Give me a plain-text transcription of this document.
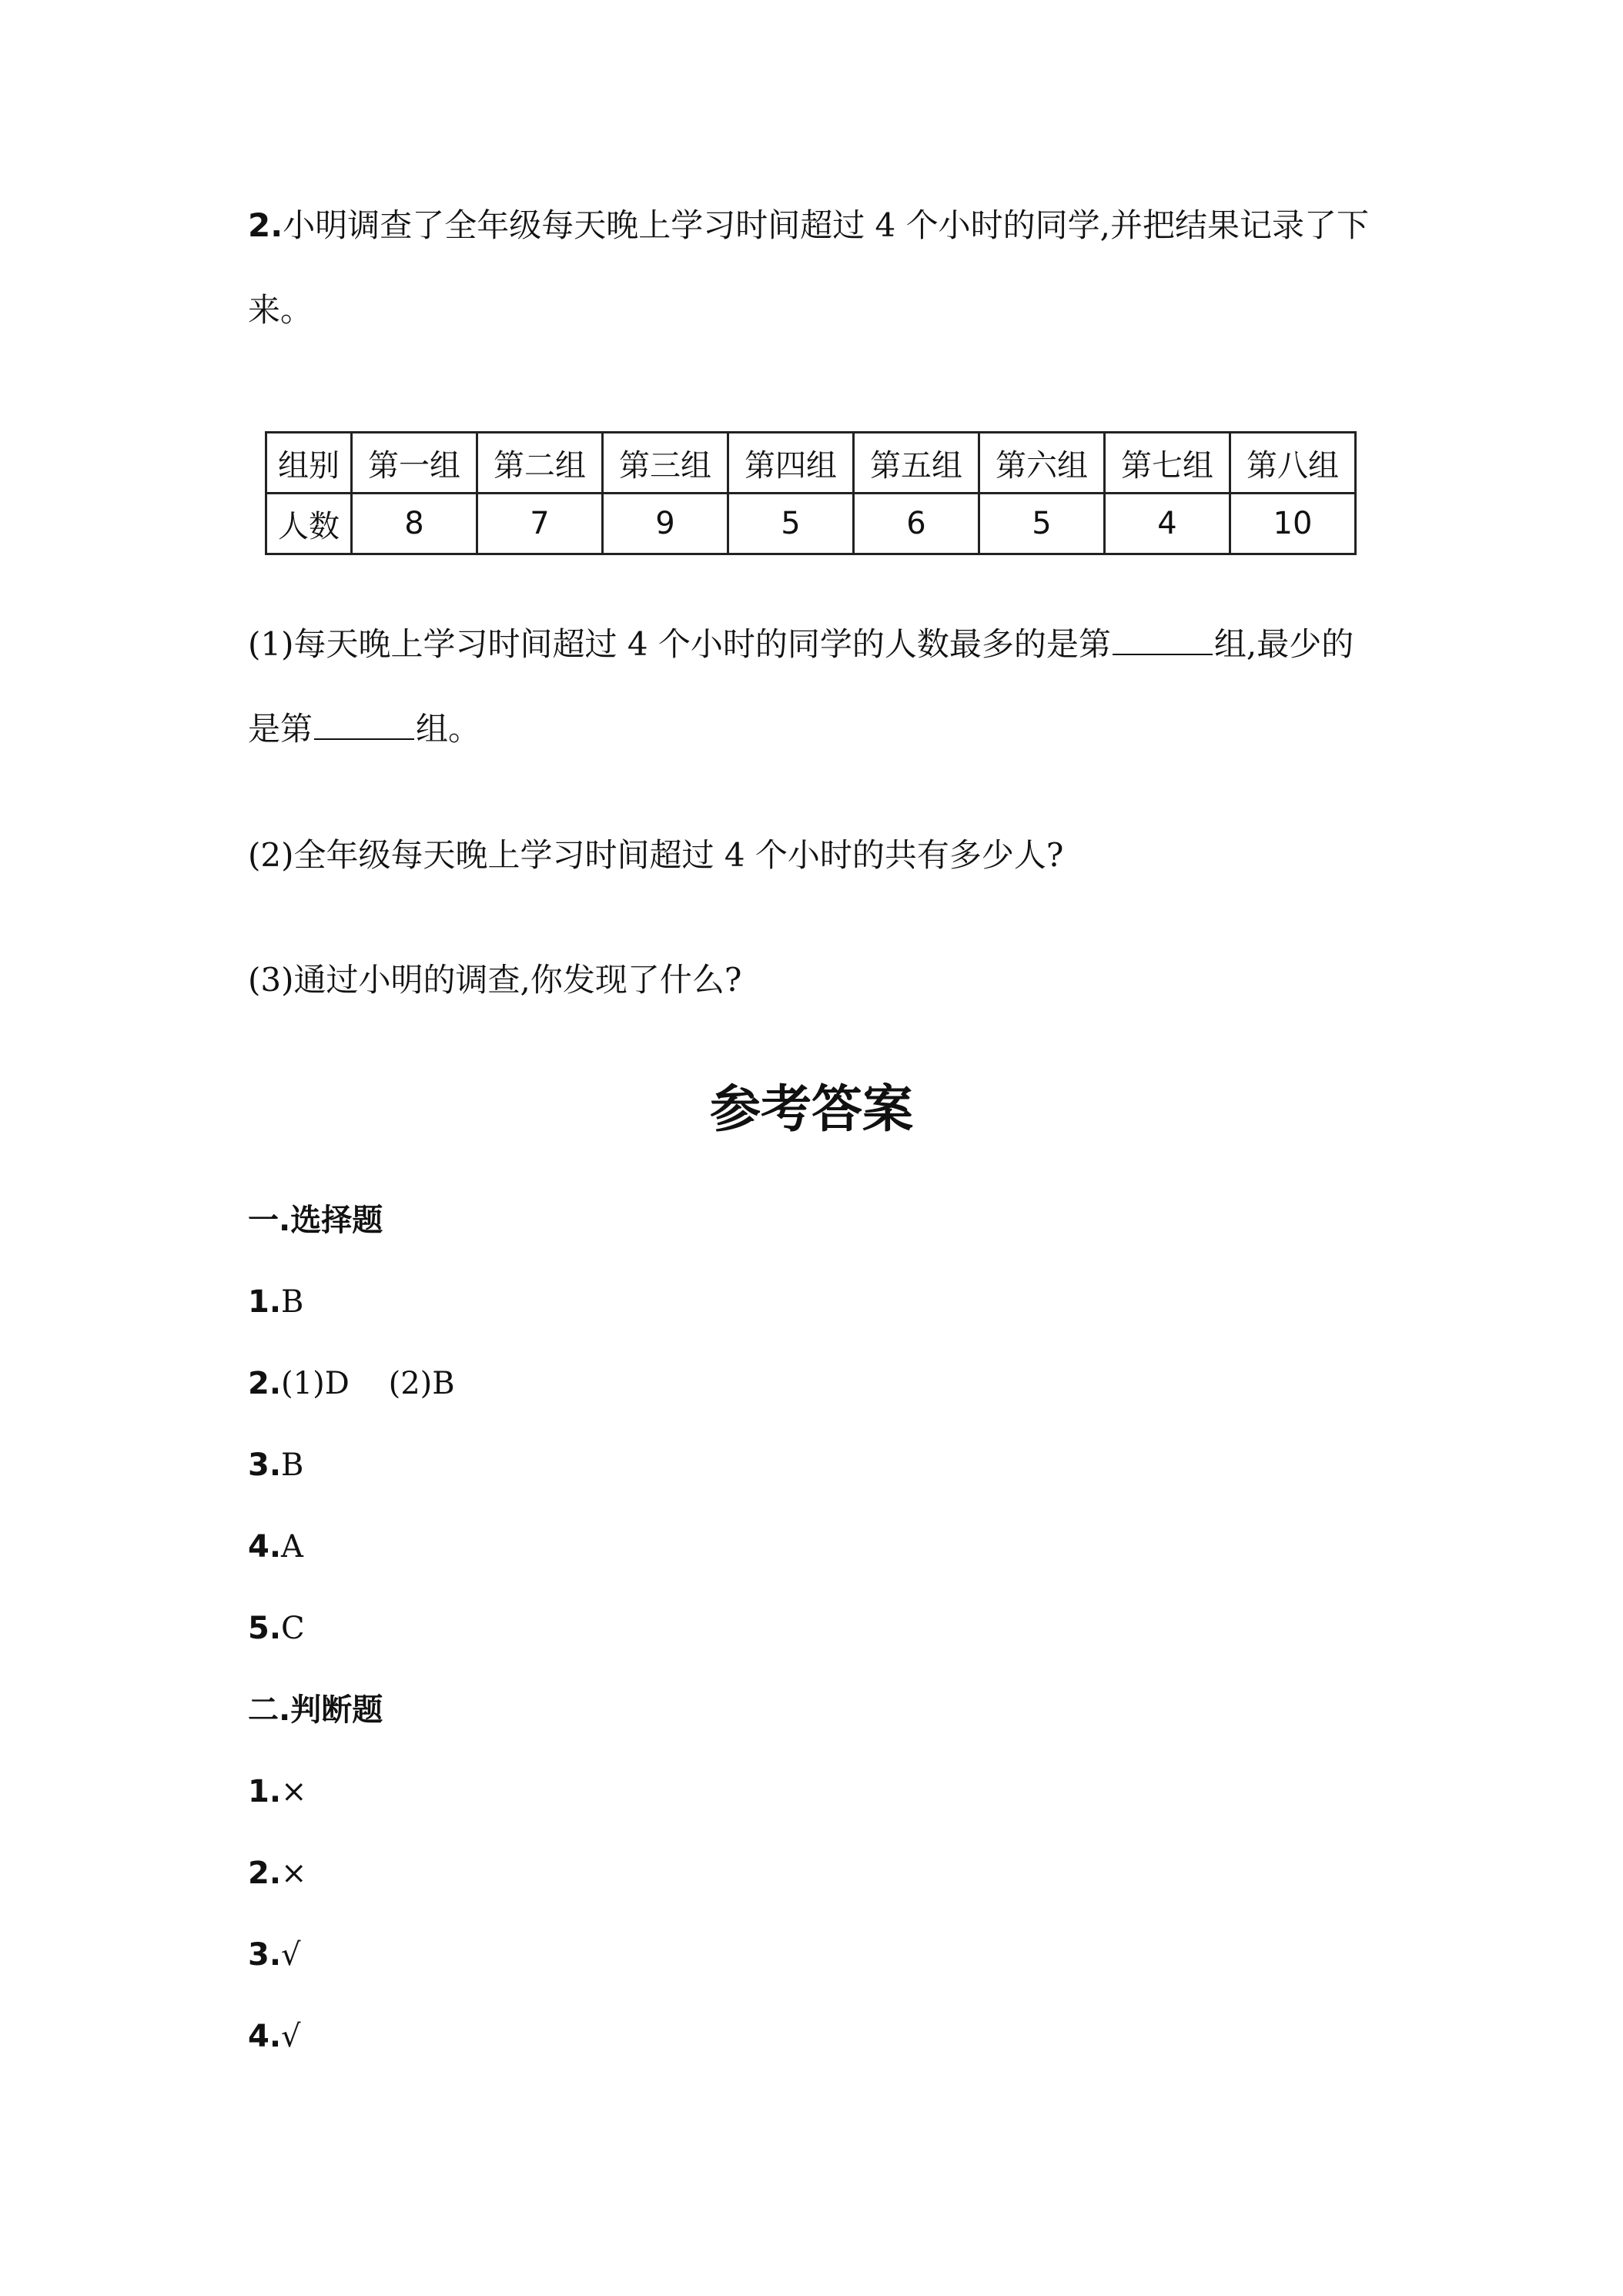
2.小明调查了全年级每天晚上学习时间超过 4 个小时的同学,并把结果记录了下
来。
组别	第一组	第二组	第三组	第四组	第五组	第六组	第七组	第八组
人数	8	7	9	5	6	5	4	10
(1)每天晚上学习时间超过 4 个小时的同学的人数最多的是第	组,最少的
是第	组。
(2)全年级每天晚上学习时间超过 4 个小时的共有多少人?
(3)通过小明的调查,你发现了什么?
参考答案
一.选择题
1.B
2.(1)D    (2)B
3.B
4.A
5.C
二.判断题
1.×
2.×
3.√
4.√
